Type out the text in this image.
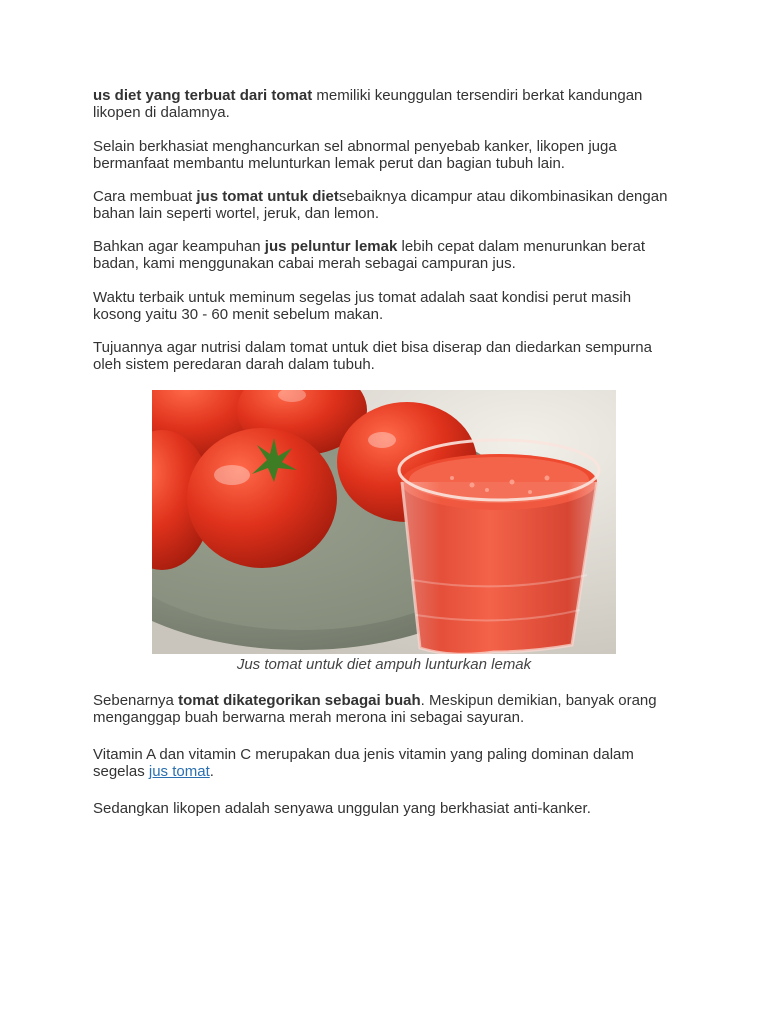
us diet yang terbuat dari tomat memiliki keunggulan tersendiri berkat kandungan likopen di dalamnya.

Selain berkhasiat menghancurkan sel abnormal penyebab kanker, likopen juga bermanfaat membantu melunturkan lemak perut dan bagian tubuh lain.

Cara membuat jus tomat untuk dietsebaiknya dicampur atau dikombinasikan dengan bahan lain seperti wortel, jeruk, dan lemon.

Bahkan agar keampuhan jus peluntur lemak lebih cepat dalam menurunkan berat badan, kami menggunakan cabai merah sebagai campuran jus.

Waktu terbaik untuk meminum segelas jus tomat adalah saat kondisi perut masih kosong yaitu 30 - 60 menit sebelum makan.

Tujuannya agar nutrisi dalam tomat untuk diet bisa diserap dan diedarkan sempurna oleh sistem peredaran darah dalam tubuh.

Jus tomat untuk diet ampuh lunturkan lemak

Sebenarnya tomat dikategorikan sebagai buah. Meskipun demikian, banyak orang menganggap buah berwarna merah merona ini sebagai sayuran.

Vitamin A dan vitamin C merupakan dua jenis vitamin yang paling dominan dalam segelas jus tomat.

Sedangkan likopen adalah senyawa unggulan yang berkhasiat anti-kanker.
